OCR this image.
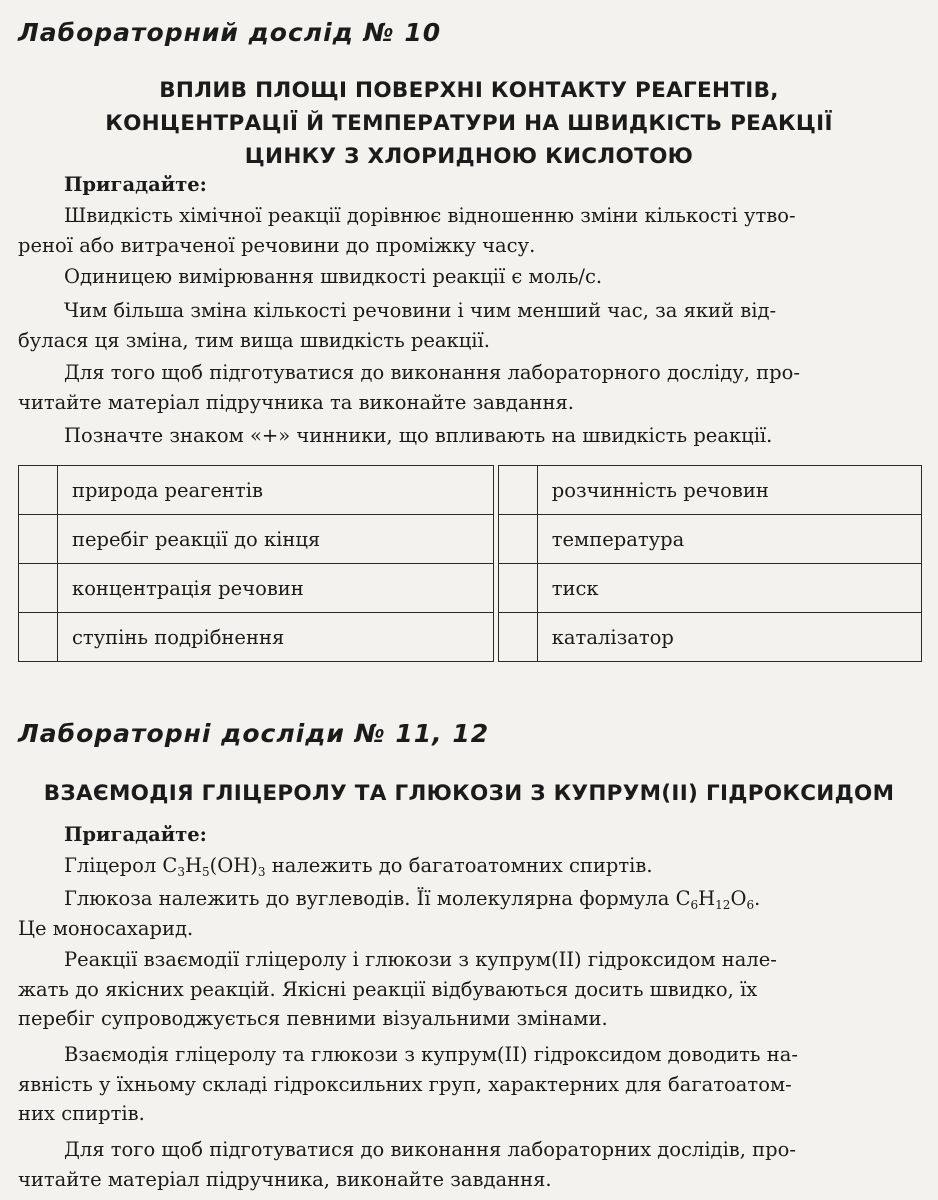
Лабораторний дослід № 10
ВПЛИВ ПЛОЩІ ПОВЕРХНІ КОНТАКТУ РЕАГЕНТІВ,
КОНЦЕНТРАЦІЇ Й ТЕМПЕРАТУРИ НА ШВИДКІСТЬ РЕАКЦІЇ
ЦИНКУ З ХЛОРИДНОЮ КИСЛОТОЮ
Пригадайте:
Швидкість хімічної реакції дорівнює відношенню зміни кількості утво-
реної або витраченої речовини до проміжку часу.
Одиницею вимірювання швидкості реакції є моль/с.
Чим більша зміна кількості речовини і чим менший час, за який від-
булася ця зміна, тим вища швидкість реакції.
Для того щоб підготуватися до виконання лабораторного досліду, про-
читайте матеріал підручника та виконайте завдання.
Позначте знаком «+» чинники, що впливають на швидкість реакції.
	природа реагентів			розчинність речовин
	перебіг реакції до кінця			температура
	концентрація речовин			тиск
	ступінь подрібнення			каталізатор
Лабораторні досліди № 11, 12
ВЗАЄМОДІЯ ГЛІЦЕРОЛУ ТА ГЛЮКОЗИ З КУПРУМ(ІІ) ГІДРОКСИДОМ
Пригадайте:
Гліцерол $C_3H_5(OH)_3$ належить до багатоатомних спиртів.
Глюкоза належить до вуглеводів. Її молекулярна формула $C_6H_{12}O_6$.
Це моносахарид.
Реакції взаємодії гліцеролу і глюкози з купрум(ІІ) гідроксидом нале-
жать до якісних реакцій. Якісні реакції відбуваються досить швидко, їх
перебіг супроводжується певними візуальними змінами.
Взаємодія гліцеролу та глюкози з купрум(ІІ) гідроксидом доводить на-
явність у їхньому складі гідроксильних груп, характерних для багатоатом-
них спиртів.
Для того щоб підготуватися до виконання лабораторних дослідів, про-
читайте матеріал підручника, виконайте завдання.
